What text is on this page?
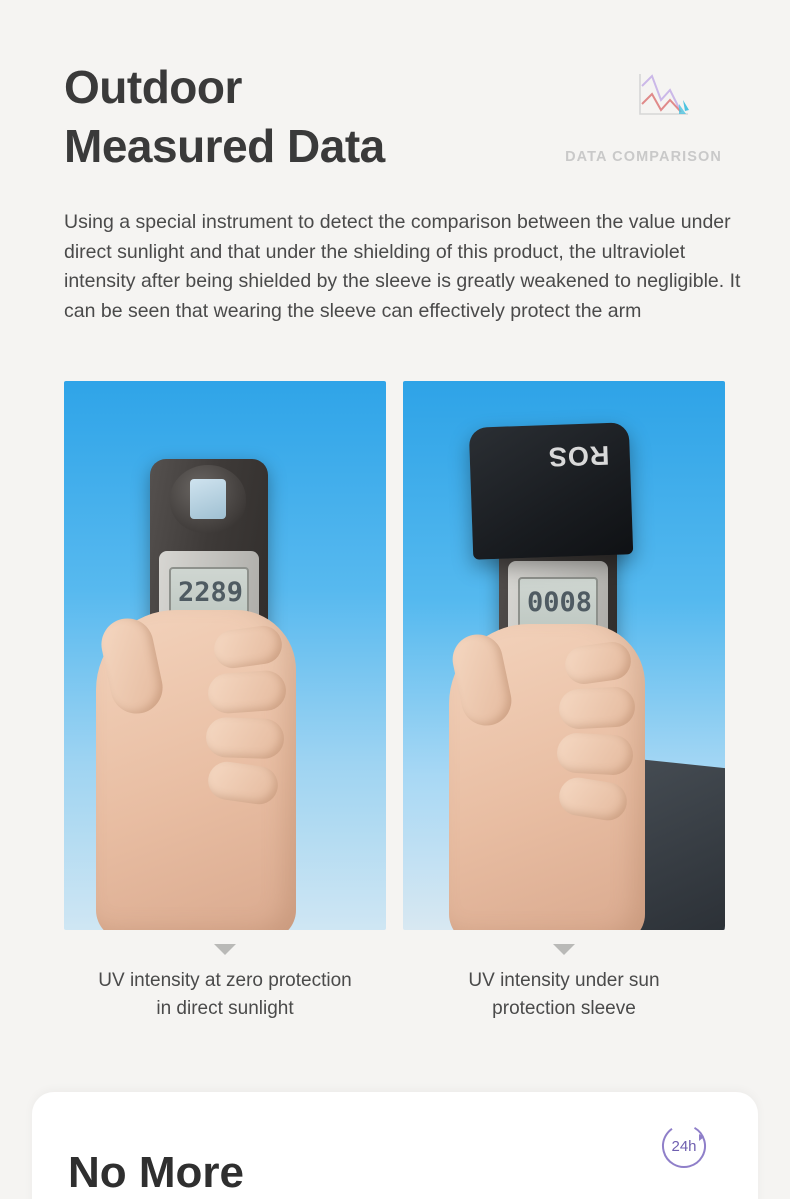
Outdoor
Measured Data	DATA COMPARISON

Using a special instrument to detect the comparison between the value under direct sunlight and that under the shielding of this product, the ultraviolet intensity after being shielded by the sleeve is greatly weakened to negligible. It can be seen that wearing the sleeve can effectively protect the arm

2289
UV intensity at zero protection
in direct sunlight
0008
ROS
UV intensity under sun
protection sleeve
No More
24h
